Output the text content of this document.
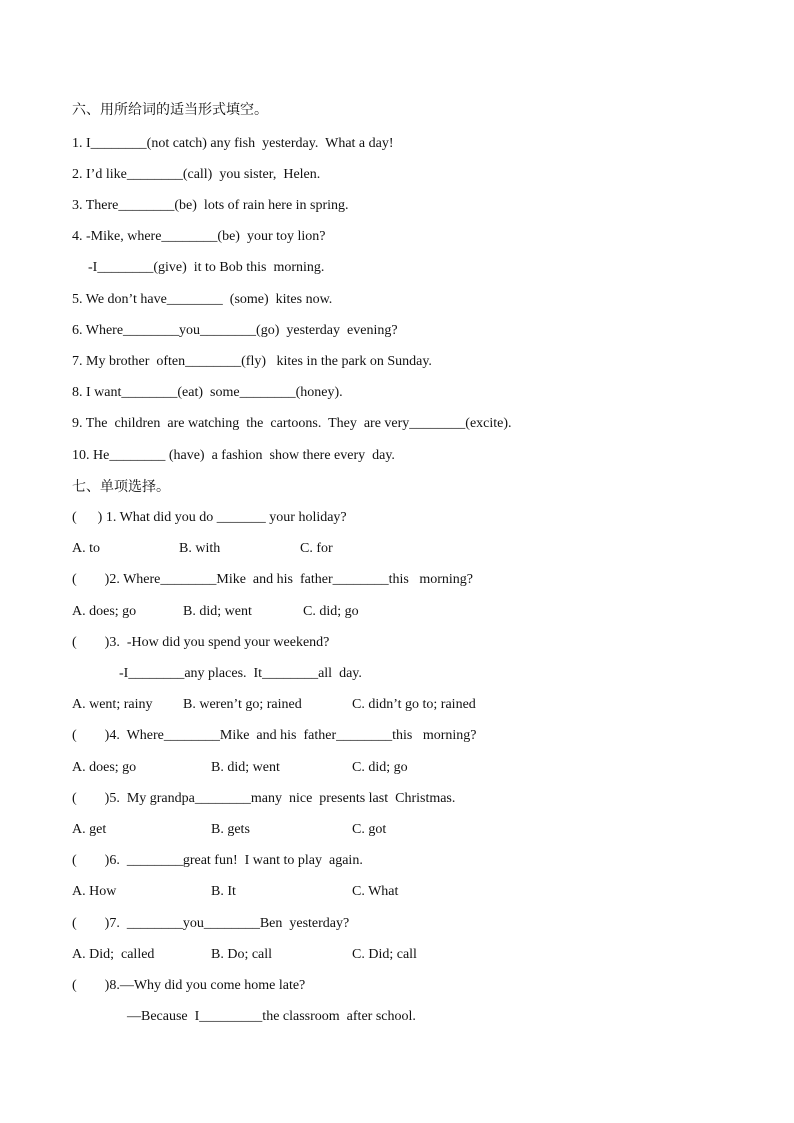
六、用所给词的适当形式填空。
1. I________(not catch) any fish  yesterday.  What a day!
2. I’d like________(call)  you sister,  Helen.
3. There________(be)  lots of rain here in spring.
4. -Mike, where________(be)  your toy lion?
-I________(give)  it to Bob this  morning.
5. We don’t have________  (some)  kites now.
6. Where________you________(go)  yesterday  evening?
7. My brother  often________(fly)   kites in the park on Sunday.
8. I want________(eat)  some________(honey).
9. The  children  are watching  the  cartoons.  They  are very________(excite).
10. He________ (have)  a fashion  show there every  day.
七、单项选择。
(      ) 1. What did you do _______ your holiday?

A. to

	B. with

	C. for

(        )2. Where________Mike  and his  father________this   morning?

A. does; go

	B. did; went

	C. did; go

(        )3.  -How did you spend your weekend?
-I________any places.  It________all  day.

A. went; rainy

B. weren’t go; rained

	C. didn’t go to; rained

(        )4.  Where________Mike  and his  father________this   morning?

A. does; go

	B. did; went

	C. did; go

(        )5.  My grandpa________many  nice  presents last  Christmas.

A. get

	B. gets

	C. got

(        )6.  ________great fun!  I want to play  again.

A. How

	B. It

	C. What

(        )7.  ________you________Ben  yesterday?

A. Did;  called

	B. Do; call

	C. Did; call

(        )8.—Why did you come home late?
—Because  I_________the classroom  after school.
